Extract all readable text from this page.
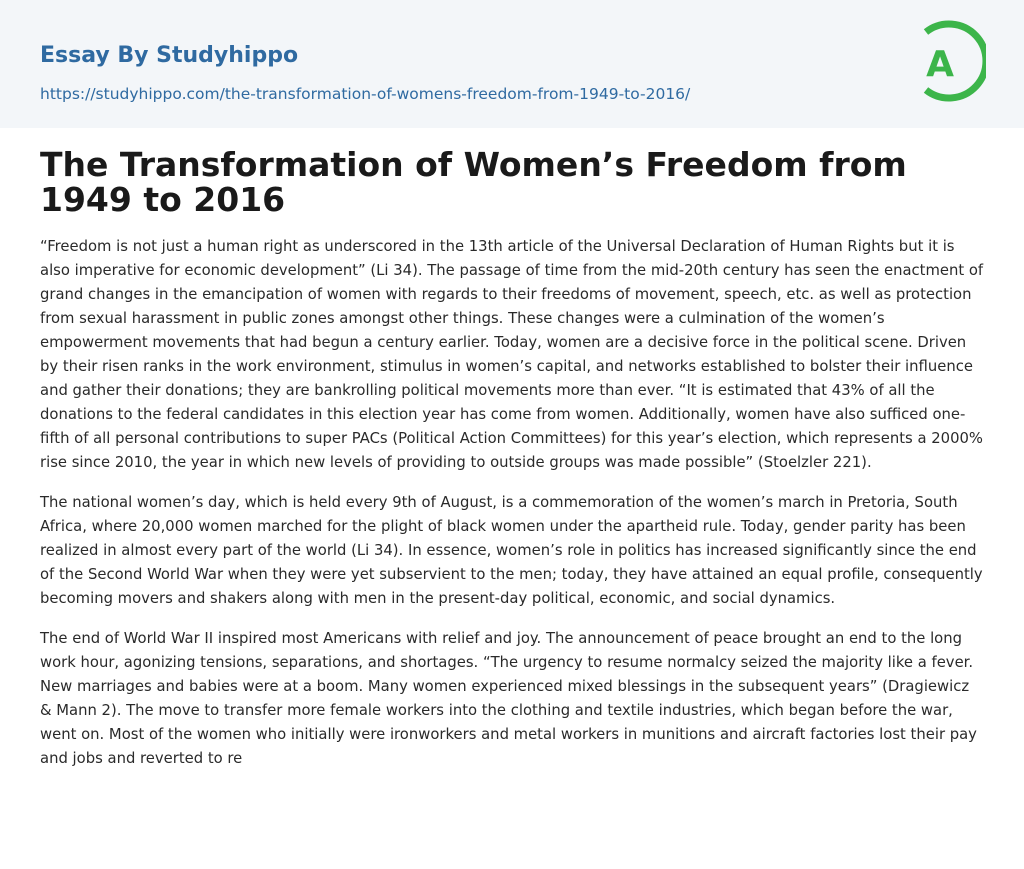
Essay By Studyhippo
https://studyhippo.com/the-transformation-of-womens-freedom-from-1949-to-2016/
A
The Transformation of Women’s Freedom from 1949 to 2016

“Freedom is not just a human right as underscored in the 13th article of the Universal Declaration of Human Rights but it is also imperative for economic development” (Li 34). The passage of time from the mid-20th century has seen the enactment of grand changes in the emancipation of women with regards to their freedoms of movement, speech, etc. as well as protection from sexual harassment in public zones amongst other things. These changes were a culmination of the women’s empowerment movements that had begun a century earlier. Today, women are a decisive force in the political scene. Driven by their risen ranks in the work environment, stimulus in women’s capital, and networks established to bolster their influence and gather their donations; they are bankrolling political movements more than ever. “It is estimated that 43% of all the donations to the federal candidates in this election year has come from women. Additionally, women have also sufficed one-fifth of all personal contributions to super PACs (Political Action Committees) for this year’s election, which represents a 2000% rise since 2010, the year in which new levels of providing to outside groups was made possible” (Stoelzler 221).

The national women’s day, which is held every 9th of August, is a commemoration of the women’s march in Pretoria, South Africa, where 20,000 women marched for the plight of black women under the apartheid rule. Today, gender parity has been realized in almost every part of the world (Li 34). In essence, women’s role in politics has increased significantly since the end of the Second World War when they were yet subservient to the men; today, they have attained an equal profile, consequently becoming movers and shakers along with men in the present-day political, economic, and social dynamics.

The end of World War II inspired most Americans with relief and joy. The announcement of peace brought an end to the long work hour, agonizing tensions, separations, and shortages. “The urgency to resume normalcy seized the majority like a fever. New marriages and babies were at a boom. Many women experienced mixed blessings in the subsequent years” (Dragiewicz & Mann 2). The move to transfer more female workers into the clothing and textile industries, which began before the war, went on. Most of the women who initially were ironworkers and metal workers in munitions and aircraft factories lost their pay and jobs and reverted to re
